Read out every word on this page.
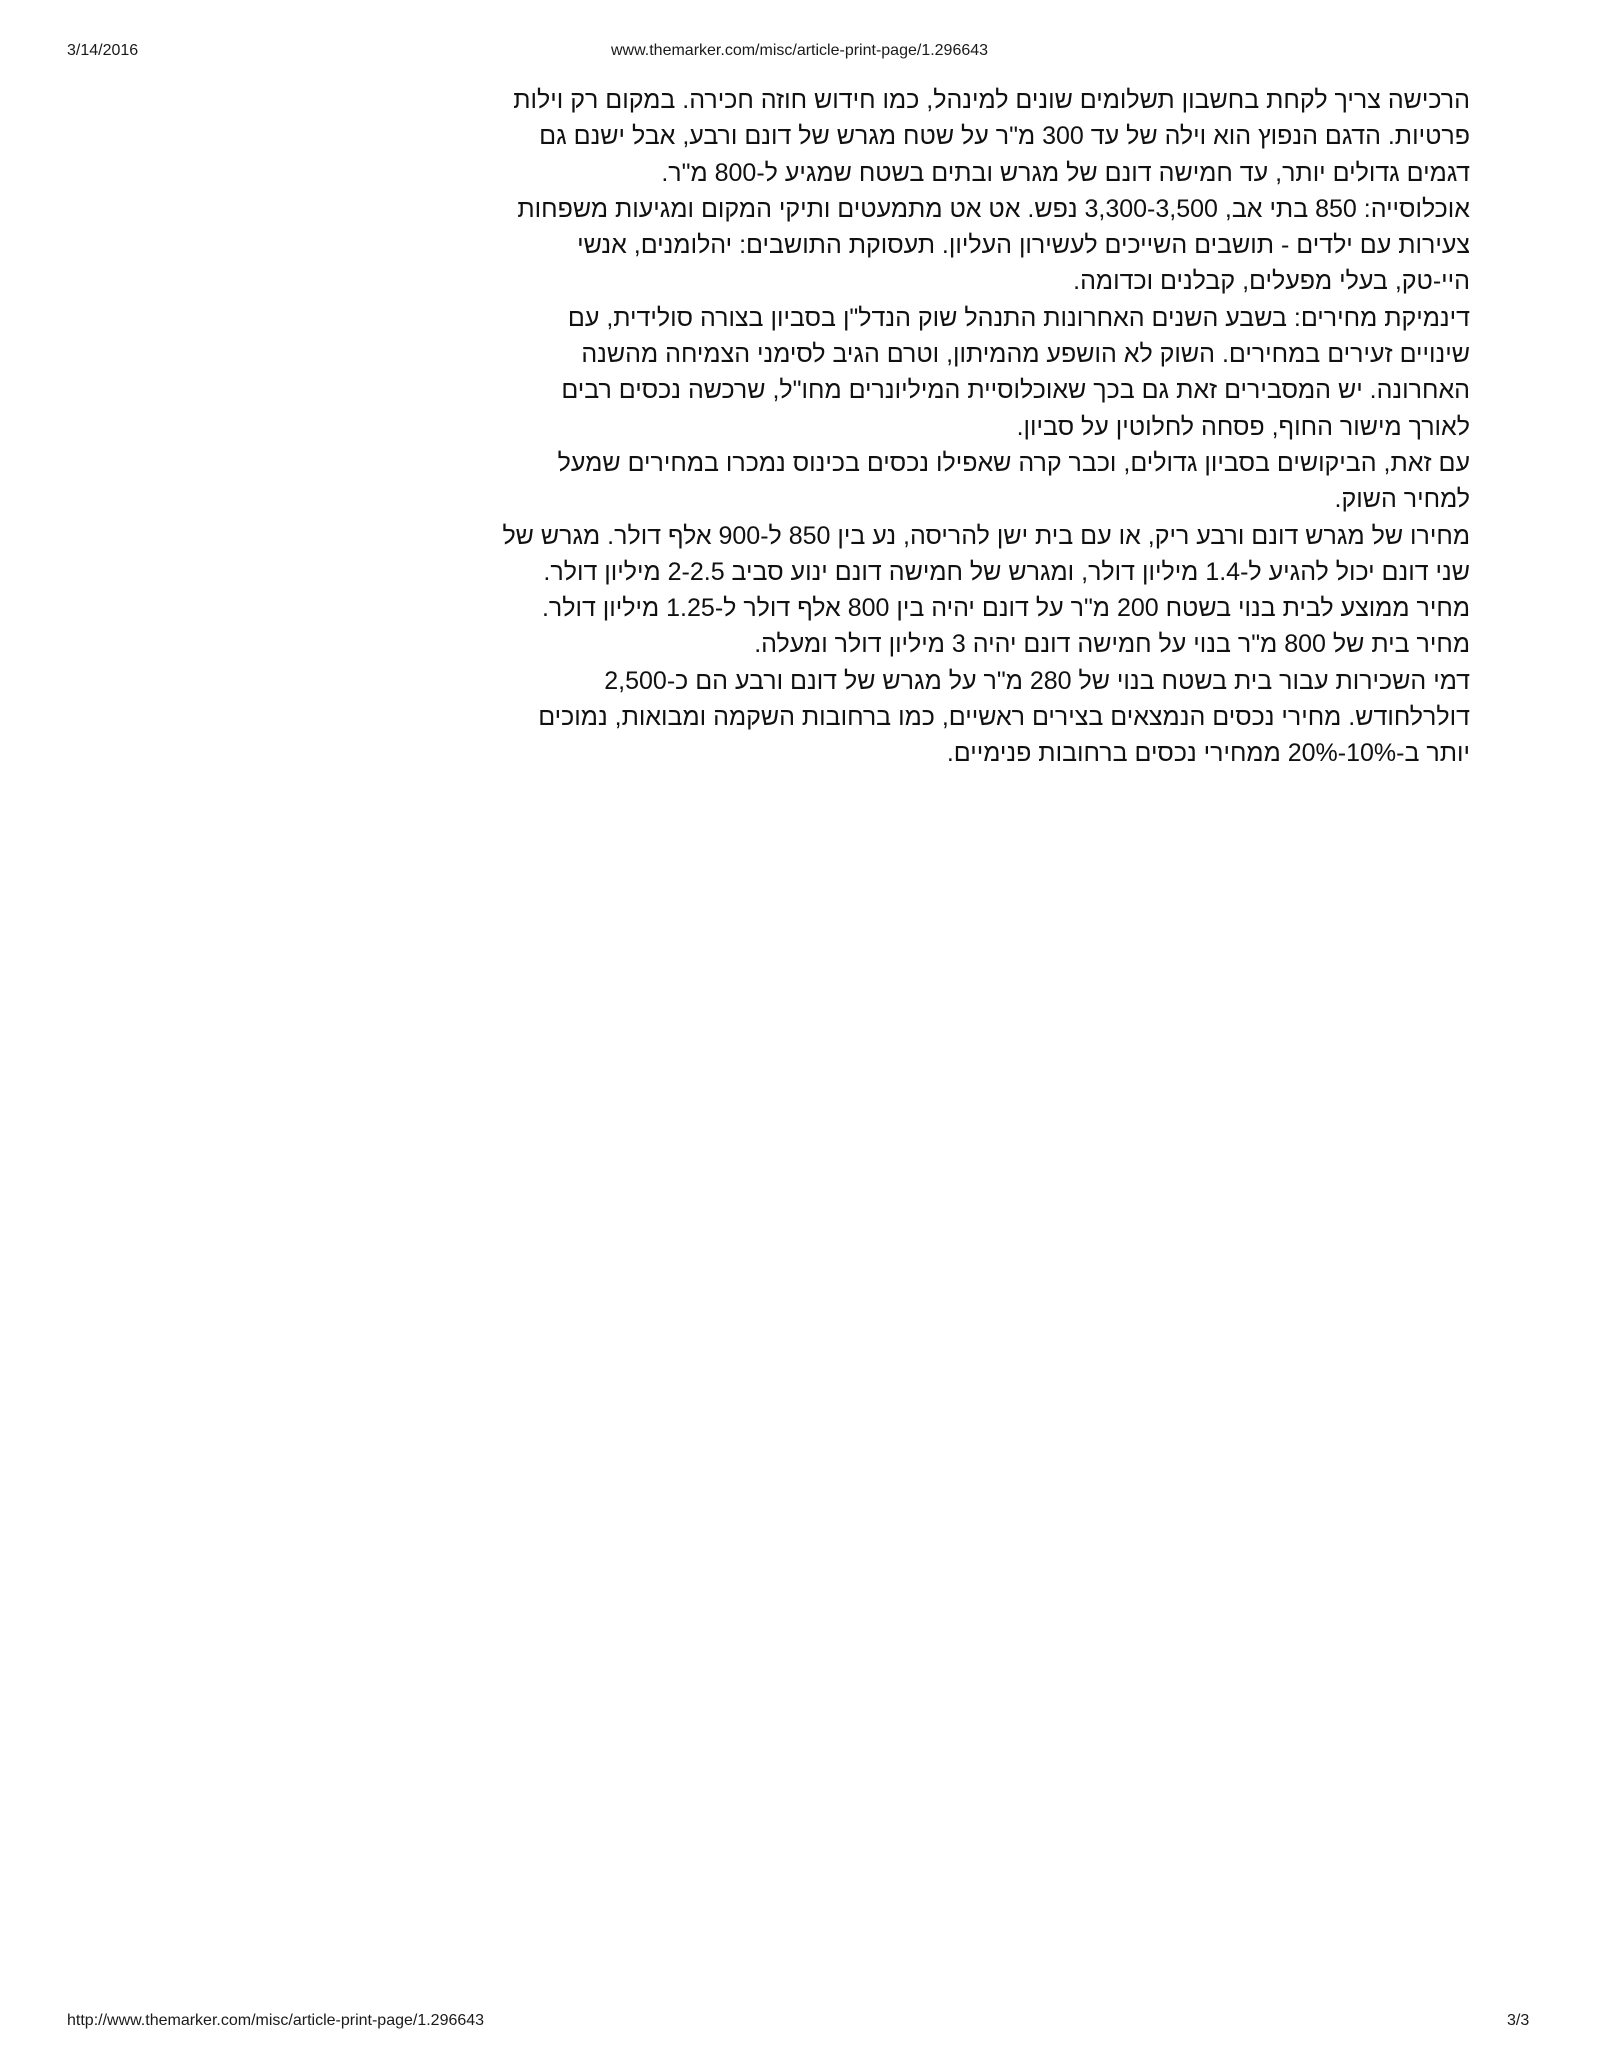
3/14/2016	www.themarker.com/misc/article-print-page/1.296643

הרכישה צריך לקחת בחשבון תשלומים שונים למינהל, כמו חידוש חוזה חכירה. במקום רק וילות פרטיות. הדגם הנפוץ הוא וילה של עד 300 מ"ר על שטח מגרש של דונם ורבע, אבל ישנם גם דגמים גדולים יותר, עד חמישה דונם של מגרש ובתים בשטח שמגיע ל-800 מ"ר.

אוכלוסייה: 850 בתי אב, 3,300-3,500 נפש. אט אט מתמעטים ותיקי המקום ומגיעות משפחות צעירות עם ילדים - תושבים השייכים לעשירון העליון. תעסוקת התושבים: יהלומנים, אנשי היי-טק, בעלי מפעלים, קבלנים וכדומה.

דינמיקת מחירים: בשבע השנים האחרונות התנהל שוק הנדל"ן בסביון בצורה סולידית, עם שינויים זעירים במחירים. השוק לא הושפע מהמיתון, וטרם הגיב לסימני הצמיחה מהשנה האחרונה. יש המסבירים זאת גם בכך שאוכלוסיית המיליונרים מחו"ל, שרכשה נכסים רבים לאורך מישור החוף, פסחה לחלוטין על סביון.

עם זאת, הביקושים בסביון גדולים, וכבר קרה שאפילו נכסים בכינוס נמכרו במחירים שמעל למחיר השוק.

מחירו של מגרש דונם ורבע ריק, או עם בית ישן להריסה, נע בין 850 ל-900 אלף דולר. מגרש של שני דונם יכול להגיע ל-1.4 מיליון דולר, ומגרש של חמישה דונם ינוע סביב 2-2.5 מיליון דולר.

מחיר ממוצע לבית בנוי בשטח 200 מ"ר על דונם יהיה בין 800 אלף דולר ל-1.25 מיליון דולר. מחיר בית של 800 מ"ר בנוי על חמישה דונם יהיה 3 מיליון דולר ומעלה.

דמי השכירות עבור בית בשטח בנוי של 280 מ"ר על מגרש של דונם ורבע הם כ-2,500 דולרלחודש. מחירי נכסים הנמצאים בצירים ראשיים, כמו ברחובות השקמה ומבואות, נמוכים יותר ב-10%-20% ממחירי נכסים ברחובות פנימיים.

http://www.themarker.com/misc/article-print-page/1.296643	3/3
